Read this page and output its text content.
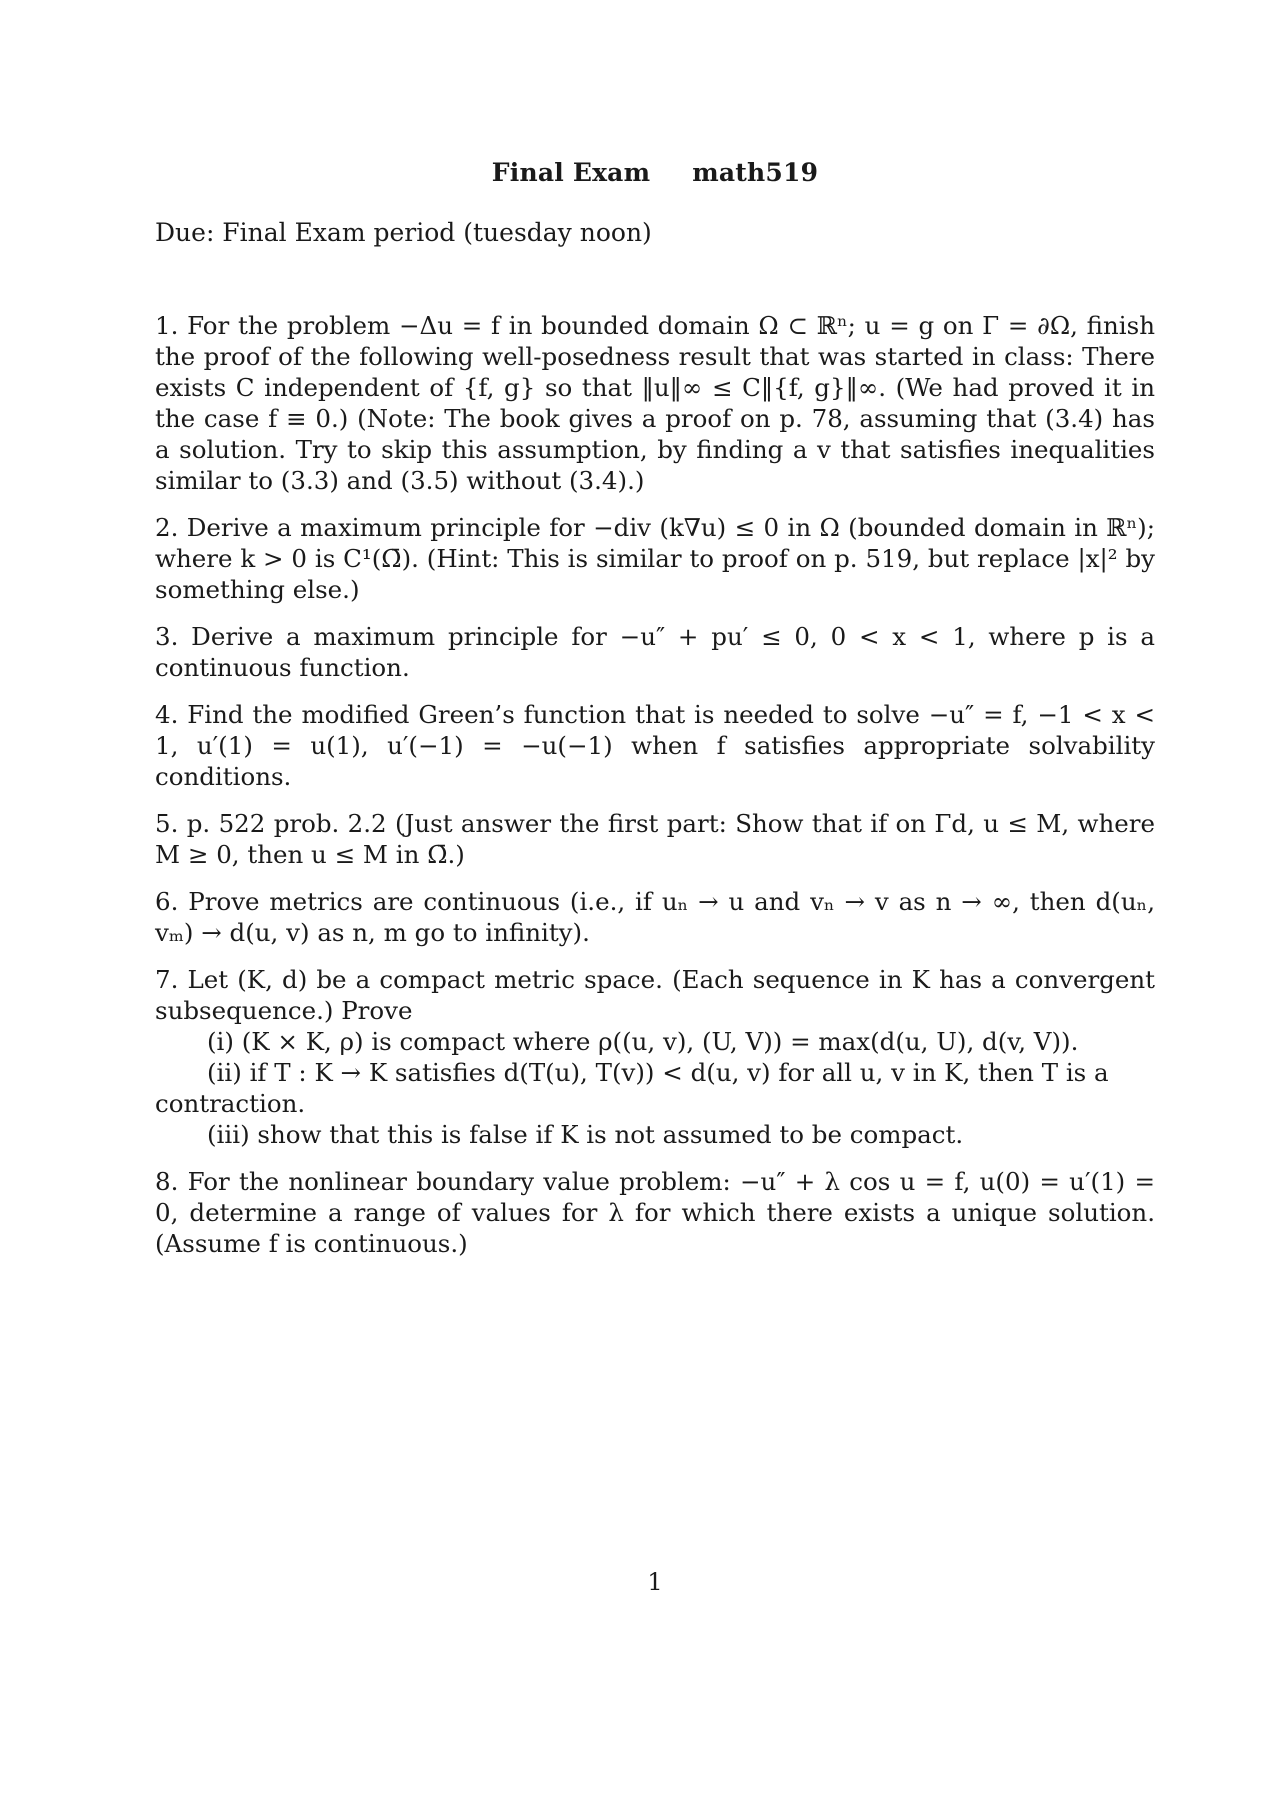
Final Exam math519
Due: Final Exam period (tuesday noon)

1. For the problem −Δu = f in bounded domain Ω ⊂ ℝⁿ; u = g on Γ = ∂Ω, finish the proof of the following well-posedness result that was started in class: There exists C independent of {f, g} so that ‖u‖∞ ≤ C‖{f, g}‖∞. (We had proved it in the case f ≡ 0.) (Note: The book gives a proof on p. 78, assuming that (3.4) has a solution. Try to skip this assumption, by finding a v that satisfies inequalities similar to (3.3) and (3.5) without (3.4).)

2. Derive a maximum principle for −div (k∇u) ≤ 0 in Ω (bounded domain in ℝⁿ); where k > 0 is C¹(Ω̄). (Hint: This is similar to proof on p. 519, but replace |x|² by something else.)

3. Derive a maximum principle for −u″ + pu′ ≤ 0, 0 < x < 1, where p is a continuous function.

4. Find the modified Green’s function that is needed to solve −u″ = f, −1 < x < 1, u′(1) = u(1), u′(−1) = −u(−1) when f satisfies appropriate solvability conditions.

5. p. 522 prob. 2.2 (Just answer the first part: Show that if on Γd, u ≤ M, where M ≥ 0, then u ≤ M in Ω̄.)

6. Prove metrics are continuous (i.e., if uₙ → u and vₙ → v as n → ∞, then d(uₙ, vₘ) → d(u, v) as n, m go to infinity).

7. Let (K, d) be a compact metric space. (Each sequence in K has a convergent subsequence.) Prove
(i) (K × K, ρ) is compact where ρ((u, v), (U, V)) = max(d(u, U), d(v, V)).
(ii) if T : K → K satisfies d(T(u), T(v)) < d(u, v) for all u, v in K, then T is a
contraction.
(iii) show that this is false if K is not assumed to be compact.

8. For the nonlinear boundary value problem: −u″ + λ cos u = f, u(0) = u′(1) = 0, determine a range of values for λ for which there exists a unique solution. (Assume f is continuous.)

1
